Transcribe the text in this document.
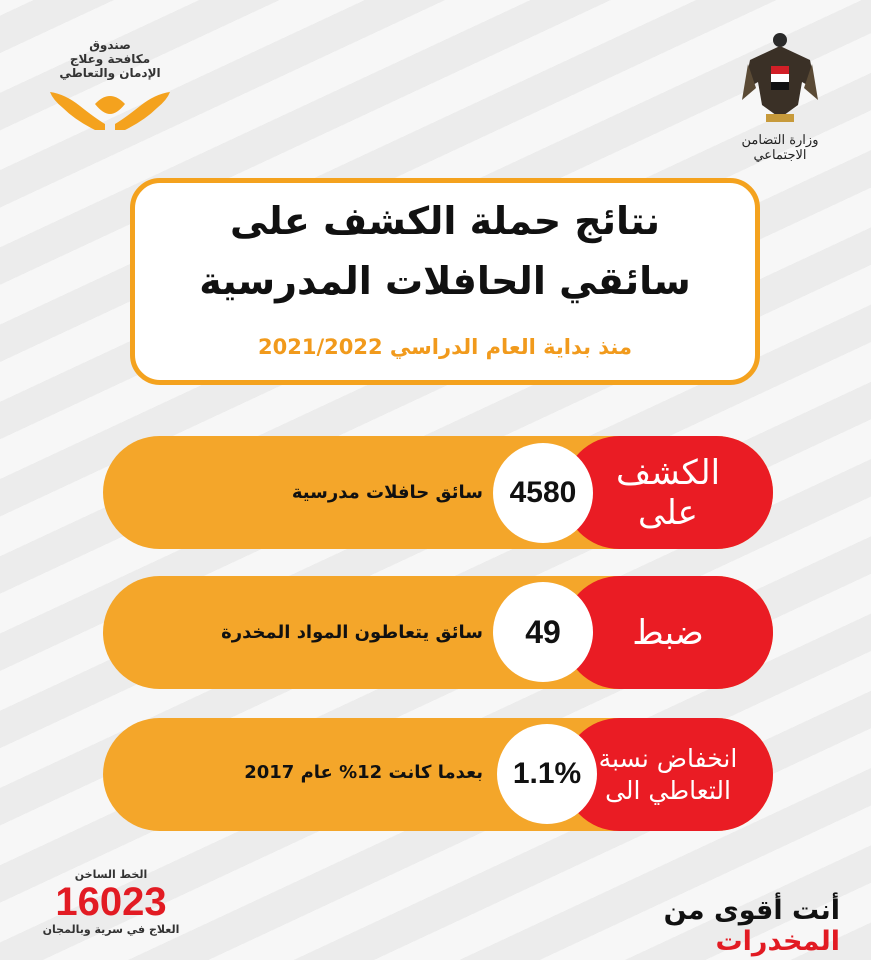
صندوق
مكافحة وعلاج
الإدمان والتعاطي
وزارة التضامن الاجتماعي
نتائج حملة الكشف على
سائقي الحافلات المدرسية
منذ بداية العام الدراسي 2021/2022
الكشف على
4580
سائق حافلات مدرسية
ضبط
49
سائق يتعاطون المواد المخدرة
انخفاض نسبة التعاطي الى
1.1%
بعدما كانت 12% عام 2017
الخط الساخن
16023
العلاج في سرية وبالمجان
أنت أقوى من المخدرات
